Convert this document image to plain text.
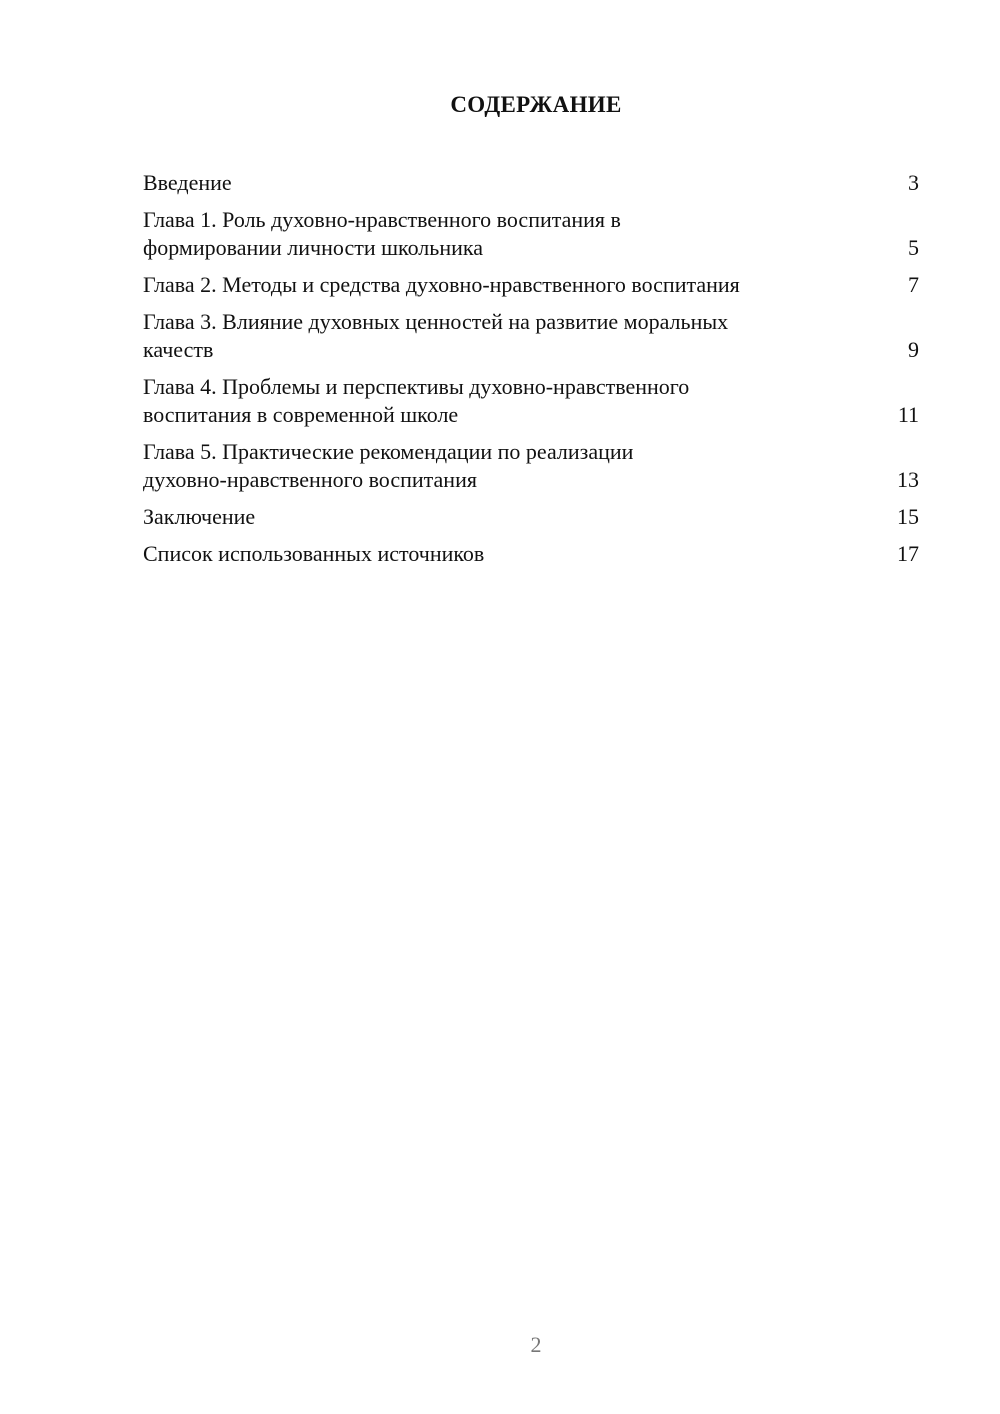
СОДЕРЖАНИЕ
Введение	3
Глава 1. Роль духовно-нравственного воспитания в
формировании личности школьника	5
Глава 2. Методы и средства духовно-нравственного воспитания	7
Глава 3. Влияние духовных ценностей на развитие моральных
качеств	9
Глава 4. Проблемы и перспективы духовно-нравственного
воспитания в современной школе	11
Глава 5. Практические рекомендации по реализации
духовно-нравственного воспитания	13
Заключение	15
Список использованных источников	17
2
